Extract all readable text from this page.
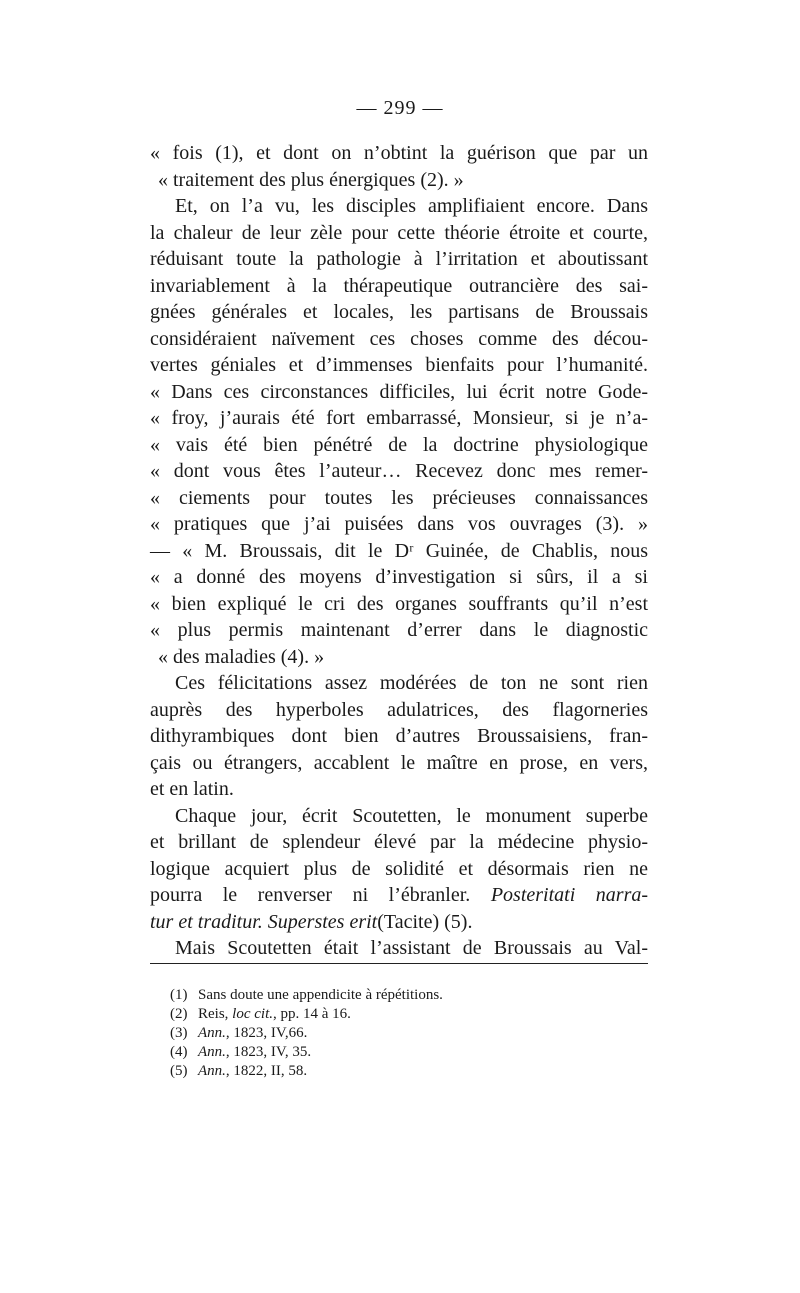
— 299 —
« fois (1), et dont on n’obtint la guérison que par un
« traitement des plus énergiques (2). »
Et, on l’a vu, les disciples amplifiaient encore. Dans
la chaleur de leur zèle pour cette théorie étroite et courte,
réduisant toute la pathologie à l’irritation et aboutissant
invariablement à la thérapeutique outrancière des sai-
gnées générales et locales, les partisans de Broussais
considéraient naïvement ces choses comme des décou-
vertes géniales et d’immenses bienfaits pour l’humanité.
« Dans ces circonstances difficiles, lui écrit notre Gode-
« froy, j’aurais été fort embarrassé, Monsieur, si je n’a-
« vais été bien pénétré de la doctrine physiologique
« dont vous êtes l’auteur… Recevez donc mes remer-
« ciements pour toutes les précieuses connaissances
« pratiques que j’ai puisées dans vos ouvrages (3). »
— « M. Broussais, dit le Dʳ Guinée, de Chablis, nous
« a donné des moyens d’investigation si sûrs, il a si
« bien expliqué le cri des organes souffrants qu’il n’est
« plus permis maintenant d’errer dans le diagnostic
« des maladies (4). »
Ces félicitations assez modérées de ton ne sont rien
auprès des hyperboles adulatrices, des flagorneries
dithyrambiques dont bien d’autres Broussaisiens, fran-
çais ou étrangers, accablent le maître en prose, en vers,
et en latin.
Chaque jour, écrit Scoutetten, le monument superbe
et brillant de splendeur élevé par la médecine physio-
logique acquiert plus de solidité et désormais rien ne
pourra le renverser ni l’ébranler. Posteritati narra-
tur et traditur. Superstes erit(Tacite) (5).
Mais Scoutetten était l’assistant de Broussais au Val-
(1) Sans doute une appendicite à répétitions.
(2) Reis, loc cit., pp. 14 à 16.
(3) Ann., 1823, IV,66.
(4) Ann., 1823, IV, 35.
(5) Ann., 1822, II, 58.
